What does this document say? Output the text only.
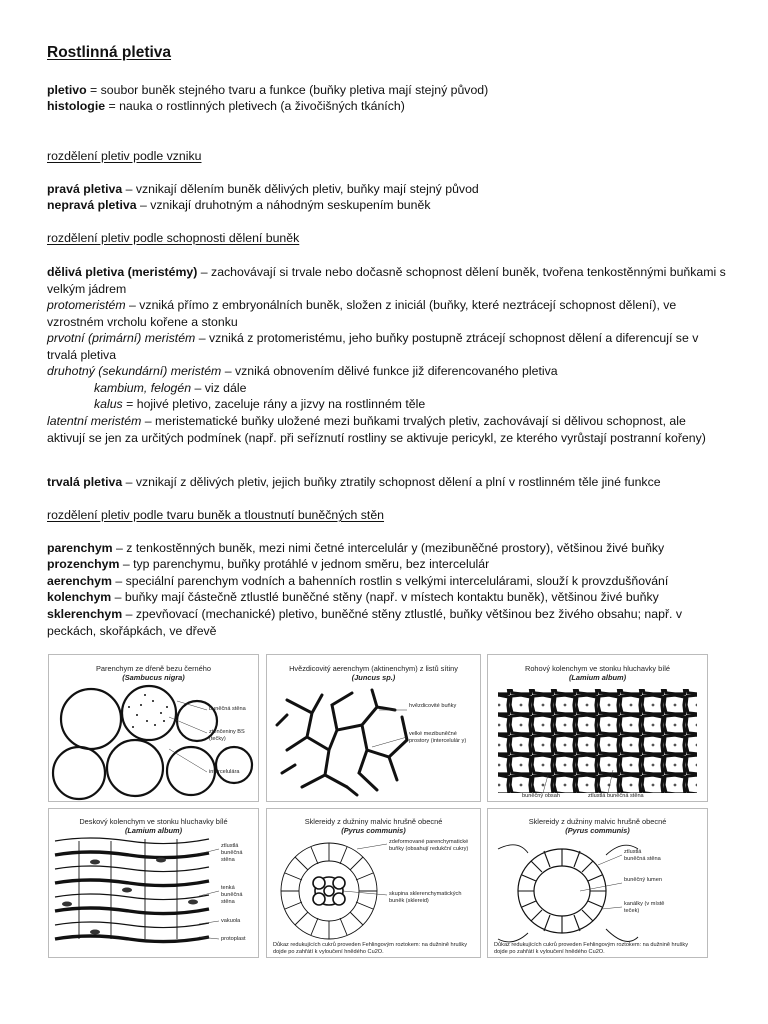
Rostlinná pletiva
pletivo = soubor buněk stejného tvaru a funkce (buňky pletiva mají stejný původ)
histologie = nauka o rostlinných pletivech (a živočišných tkáních)
rozdělení pletiv podle vzniku
pravá pletiva – vznikají dělením buněk dělivých pletiv, buňky mají stejný původ
nepravá pletiva – vznikají druhotným a náhodným seskupením buněk
rozdělení pletiv podle schopnosti dělení buněk
dělivá pletiva (meristémy) – zachovávají si trvale nebo dočasně schopnost dělení buněk, tvořena tenkostěnnými buňkami s velkým jádrem
protomeristém – vzniká přímo z embryonálních buněk, složen z iniciál (buňky, které neztrácejí schopnost dělení), ve vzrostném vrcholu kořene a stonku
prvotní (primární) meristém – vzniká z protomeristému, jeho buňky postupně ztrácejí schopnost dělení a diferencují se v trvalá pletiva
druhotný (sekundární) meristém – vzniká obnovením dělivé funkce již diferencovaného pletiva
kambium, felogén – viz dále
kalus = hojivé pletivo, zaceluje rány a jizvy na rostlinném těle
latentní meristém – meristematické buňky uložené mezi buňkami trvalých pletiv, zachovávají si dělivou schopnost, ale aktivují se jen za určitých podmínek (např. při seříznutí rostliny se aktivuje pericykl, ze kterého vyrůstají postranní kořeny)
trvalá pletiva – vznikají z dělivých pletiv, jejich buňky ztratily schopnost dělení a plní v rostlinném těle jiné funkce
rozdělení pletiv podle tvaru buněk a tloustnutí buněčných stěn
parenchym – z tenkostěnných buněk, mezi nimi četné intercelulár y (mezibuněčné prostory), většinou živé buňky
prozenchym – typ parenchymu, buňky protáhlé v jednom směru, bez intercelulár
aerenchym – speciální parenchym vodních a bahenních rostlin s velkými intercelulárami, slouží k provzdušňování
kolenchym – buňky mají částečně ztlustlé buněčné stěny (např. v místech kontaktu buněk), většinou živé buňky
sklerenchym – zpevňovací (mechanické) pletivo, buněčné stěny ztlustlé, buňky většinou bez živého obsahu; např. v peckách, skořápkách, ve dřevě
Parenchym ze dřeně bezu černého
(Sambucus nigra)
buněčná stěna
ztenčeniny BS (tečky)
intercelulára
Hvězdicovitý aerenchym (aktinenchym) z listů sítiny
(Juncus sp.)
hvězdicovité buňky
velké mezibuněčné prostory (intercelulár y)
Rohový kolenchym ve stonku hluchavky bílé
(Lamium album)
buněčný obsah	ztlustlá buněčná stěna
Deskový kolenchym ve stonku hluchavky bílé
(Lamium album)
ztlustlá buněčná stěna
tenká buněčná stěna
vakuola
protoplast
Sklereidy z dužniny malvic hrušně obecné
(Pyrus communis)
zdeformované parenchymatické buňky (obsahují redukční cukry)
skupina sklerenchymatických buněk (sklereid)
Důkaz redukujících cukrů proveden Fehlingovým roztokem: na dužnině hrušky dojde po zahřátí k vyloučení hnědého Cu2O.
Sklereidy z dužniny malvic hrušně obecné
(Pyrus communis)
ztlustlá buněčná stěna
buněčný lumen
kanálky (v místě teček)
Důkaz redukujících cukrů proveden Fehlingovým roztokem: na dužnině hrušky dojde po zahřátí k vyloučení hnědého Cu2O.
